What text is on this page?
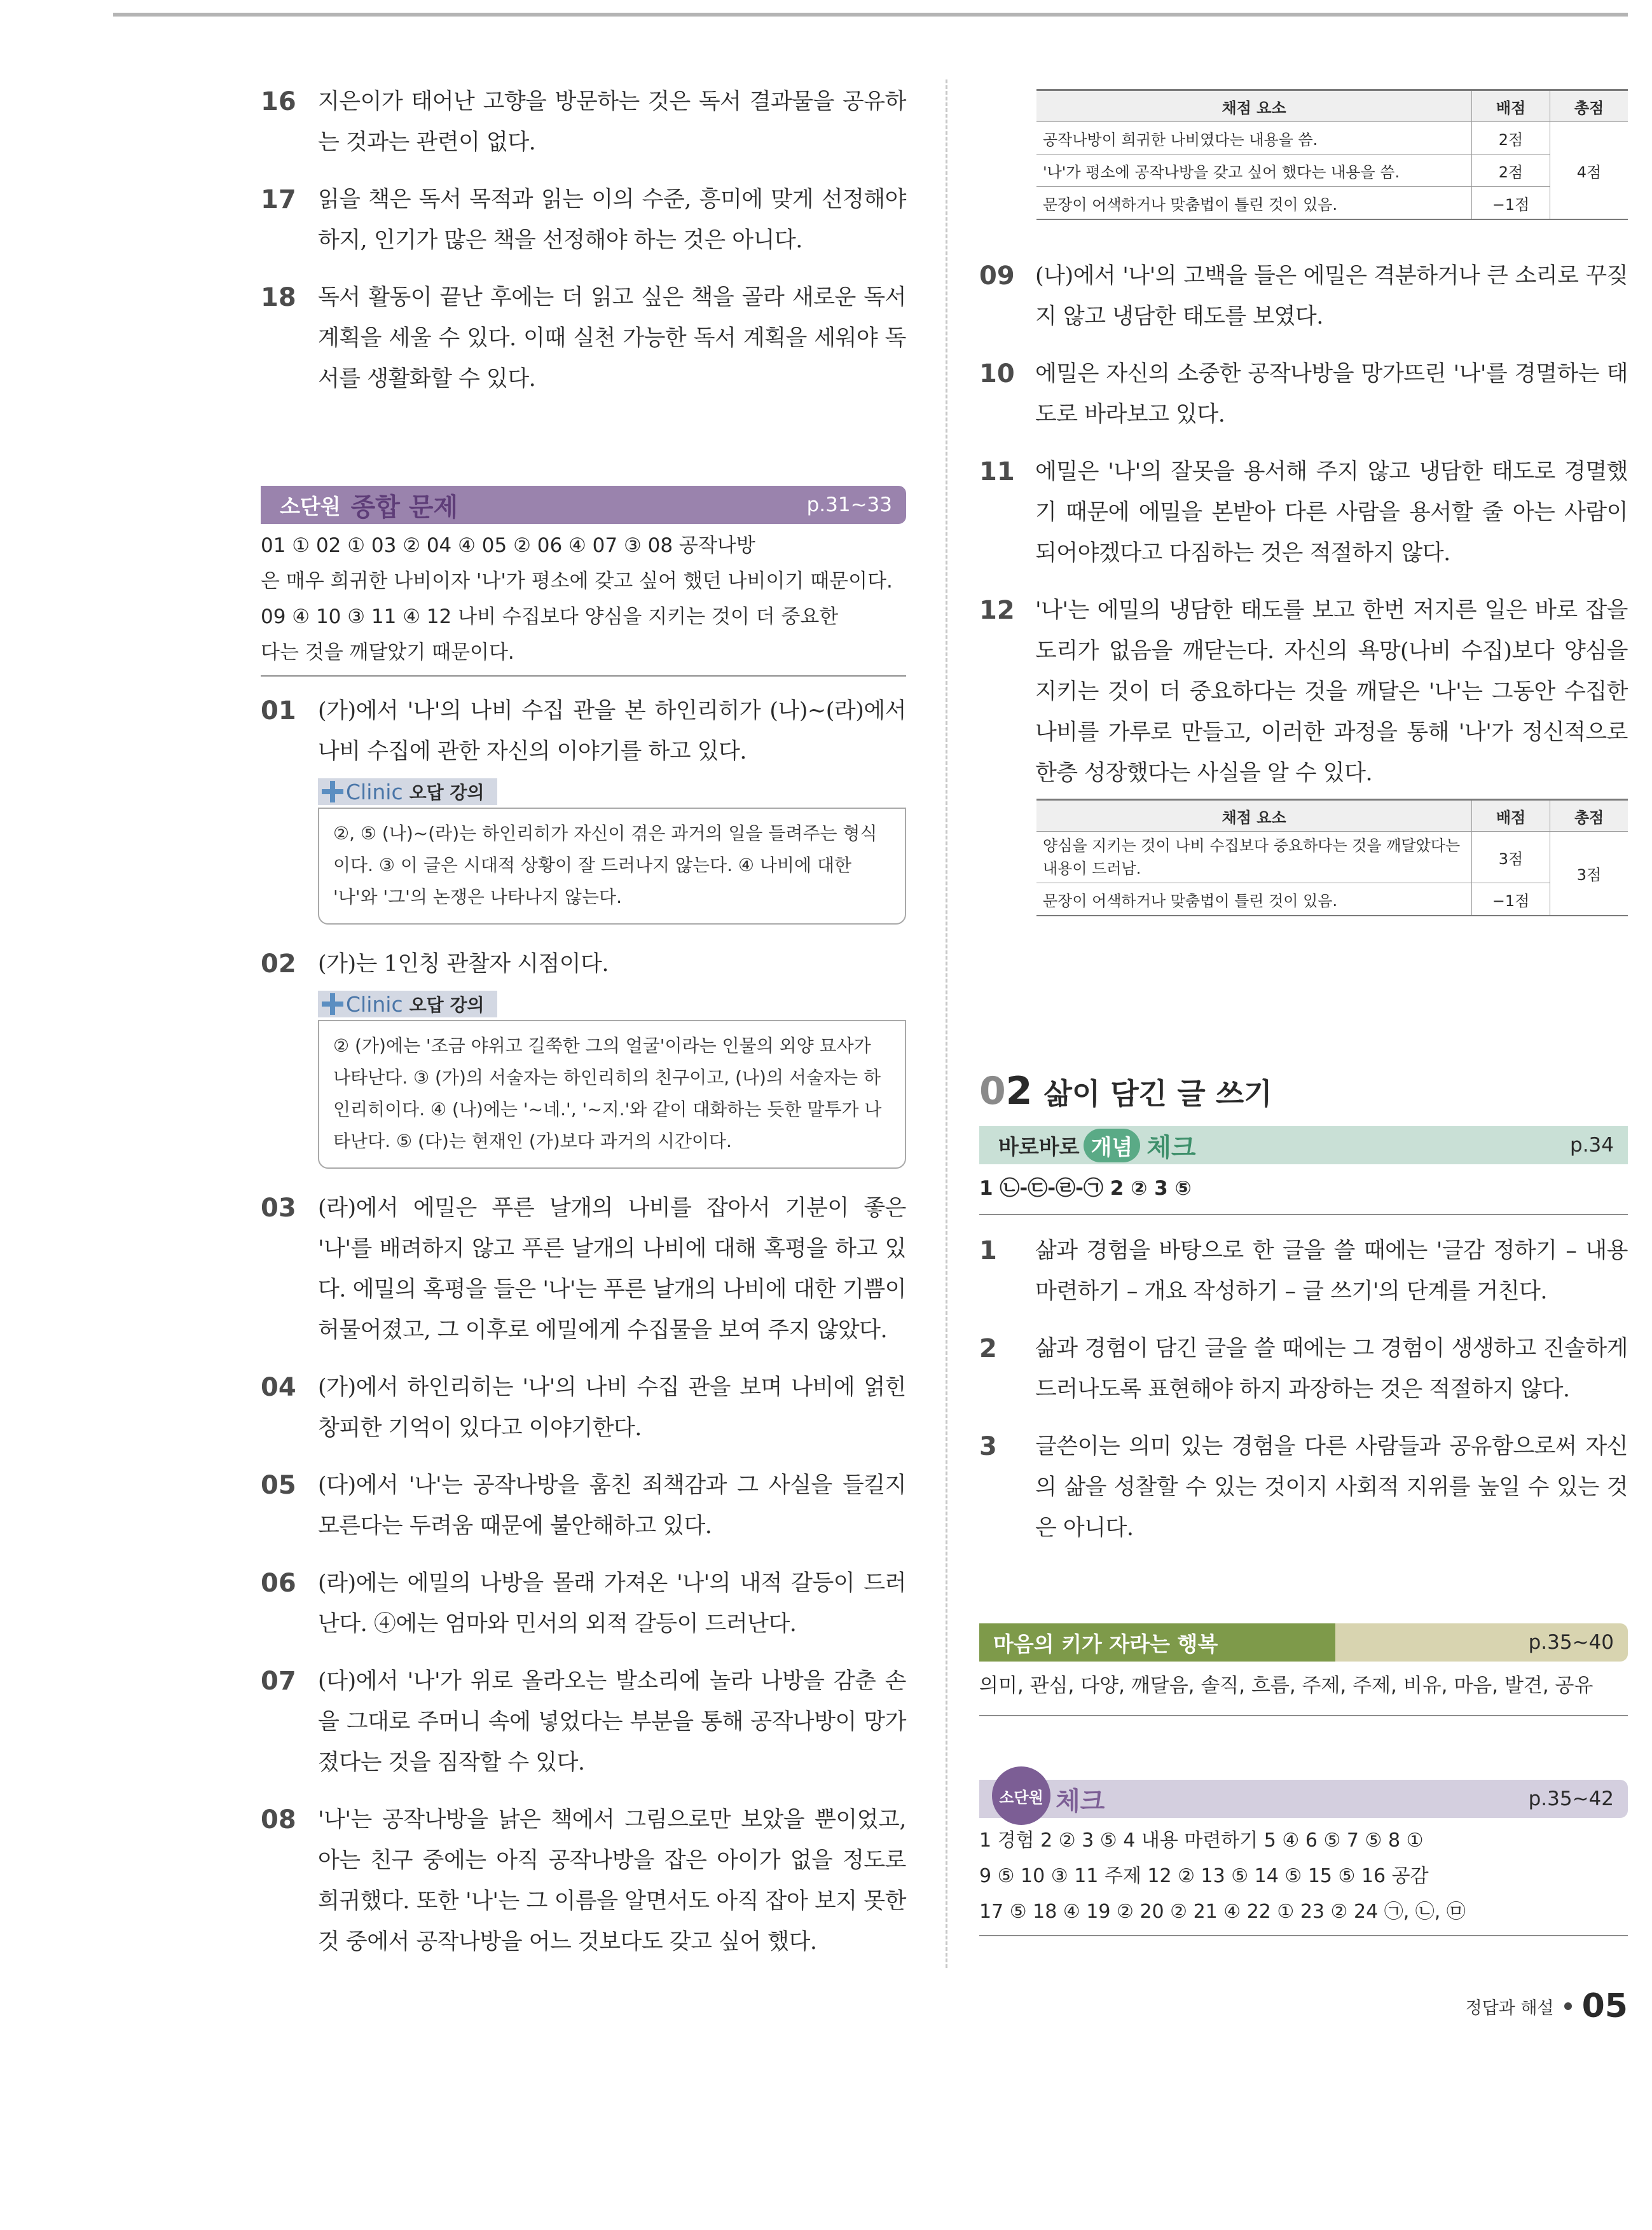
16 지은이가 태어난 고향을 방문하는 것은 독서 결과물을 공유하는 것과는 관련이 없다.
17 읽을 책은 독서 목적과 읽는 이의 수준, 흥미에 맞게 선정해야 하지, 인기가 많은 책을 선정해야 하는 것은 아니다.
18 독서 활동이 끝난 후에는 더 읽고 싶은 책을 골라 새로운 독서 계획을 세울 수 있다. 이때 실천 가능한 독서 계획을 세워야 독서를 생활화할 수 있다.
소단원 종합 문제	p.31~33
01 ① 02 ① 03 ② 04 ④ 05 ② 06 ④ 07 ③ 08 공작나방
은 매우 희귀한 나비이자 '나'가 평소에 갖고 싶어 했던 나비이기 때문이다.
09 ④ 10 ③ 11 ④ 12 나비 수집보다 양심을 지키는 것이 더 중요한
다는 것을 깨달았기 때문이다.
01 (가)에서 '나'의 나비 수집 관을 본 하인리히가 (나)~(라)에서 나비 수집에 관한 자신의 이야기를 하고 있다.
Clinic 오답 강의
②, ⑤ (나)~(라)는 하인리히가 자신이 겪은 과거의 일을 들려주는 형식이다. ③ 이 글은 시대적 상황이 잘 드러나지 않는다. ④ 나비에 대한 '나'와 '그'의 논쟁은 나타나지 않는다.
02 (가)는 1인칭 관찰자 시점이다.
Clinic 오답 강의
② (가)에는 '조금 야위고 길쭉한 그의 얼굴'이라는 인물의 외양 묘사가 나타난다. ③ (가)의 서술자는 하인리히의 친구이고, (나)의 서술자는 하인리히이다. ④ (나)에는 '~네.', '~지.'와 같이 대화하는 듯한 말투가 나타난다. ⑤ (다)는 현재인 (가)보다 과거의 시간이다.
03 (라)에서 에밀은 푸른 날개의 나비를 잡아서 기분이 좋은 '나'를 배려하지 않고 푸른 날개의 나비에 대해 혹평을 하고 있다. 에밀의 혹평을 들은 '나'는 푸른 날개의 나비에 대한 기쁨이 허물어졌고, 그 이후로 에밀에게 수집물을 보여 주지 않았다.
04 (가)에서 하인리히는 '나'의 나비 수집 관을 보며 나비에 얽힌 창피한 기억이 있다고 이야기한다.
05 (다)에서 '나'는 공작나방을 훔친 죄책감과 그 사실을 들킬지 모른다는 두려움 때문에 불안해하고 있다.
06 (라)에는 에밀의 나방을 몰래 가져온 '나'의 내적 갈등이 드러난다. ④에는 엄마와 민서의 외적 갈등이 드러난다.
07 (다)에서 '나'가 위로 올라오는 발소리에 놀라 나방을 감춘 손을 그대로 주머니 속에 넣었다는 부분을 통해 공작나방이 망가졌다는 것을 짐작할 수 있다.
08 '나'는 공작나방을 낡은 책에서 그림으로만 보았을 뿐이었고, 아는 친구 중에는 아직 공작나방을 잡은 아이가 없을 정도로 희귀했다. 또한 '나'는 그 이름을 알면서도 아직 잡아 보지 못한 것 중에서 공작나방을 어느 것보다도 갖고 싶어 했다.
채점 요소	배점	총점
공작나방이 희귀한 나비였다는 내용을 씀.	2점	4점
'나'가 평소에 공작나방을 갖고 싶어 했다는 내용을 씀.	2점	
문장이 어색하거나 맞춤법이 틀린 것이 있음.	−1점	
09 (나)에서 '나'의 고백을 들은 에밀은 격분하거나 큰 소리로 꾸짖지 않고 냉담한 태도를 보였다.
10 에밀은 자신의 소중한 공작나방을 망가뜨린 '나'를 경멸하는 태도로 바라보고 있다.
11 에밀은 '나'의 잘못을 용서해 주지 않고 냉담한 태도로 경멸했기 때문에 에밀을 본받아 다른 사람을 용서할 줄 아는 사람이 되어야겠다고 다짐하는 것은 적절하지 않다.
12 '나'는 에밀의 냉담한 태도를 보고 한번 저지른 일은 바로 잡을 도리가 없음을 깨닫는다. 자신의 욕망(나비 수집)보다 양심을 지키는 것이 더 중요하다는 것을 깨달은 '나'는 그동안 수집한 나비를 가루로 만들고, 이러한 과정을 통해 '나'가 정신적으로 한층 성장했다는 사실을 알 수 있다.
채점 요소	배점	총점
양심을 지키는 것이 나비 수집보다 중요하다는 것을 깨달았다는 내용이 드러남.	3점	3점
문장이 어색하거나 맞춤법이 틀린 것이 있음.	−1점	
02 삶이 담긴 글 쓰기
바로바로 개념 체크	p.34
1 ㉡-㉢-㉣-㉠ 2 ② 3 ⑤
1	삶과 경험을 바탕으로 한 글을 쓸 때에는 '글감 정하기 – 내용 마련하기 – 개요 작성하기 – 글 쓰기'의 단계를 거친다.
2	삶과 경험이 담긴 글을 쓸 때에는 그 경험이 생생하고 진솔하게 드러나도록 표현해야 하지 과장하는 것은 적절하지 않다.
3	글쓴이는 의미 있는 경험을 다른 사람들과 공유함으로써 자신의 삶을 성찰할 수 있는 것이지 사회적 지위를 높일 수 있는 것은 아니다.
마음의 키가 자라는 행복	p.35~40
의미, 관심, 다양, 깨달음, 솔직, 흐름, 주제, 주제, 비유, 마음, 발견, 공유
소단원 체크	p.35~42
1 경험 2 ② 3 ⑤ 4 내용 마련하기 5 ④ 6 ⑤ 7 ⑤ 8 ①
9 ⑤ 10 ③ 11 주제 12 ② 13 ⑤ 14 ⑤ 15 ⑤ 16 공감
17 ⑤ 18 ④ 19 ② 20 ② 21 ④ 22 ① 23 ② 24 ㉠, ㉡, ㉤
정답과 해설 05
